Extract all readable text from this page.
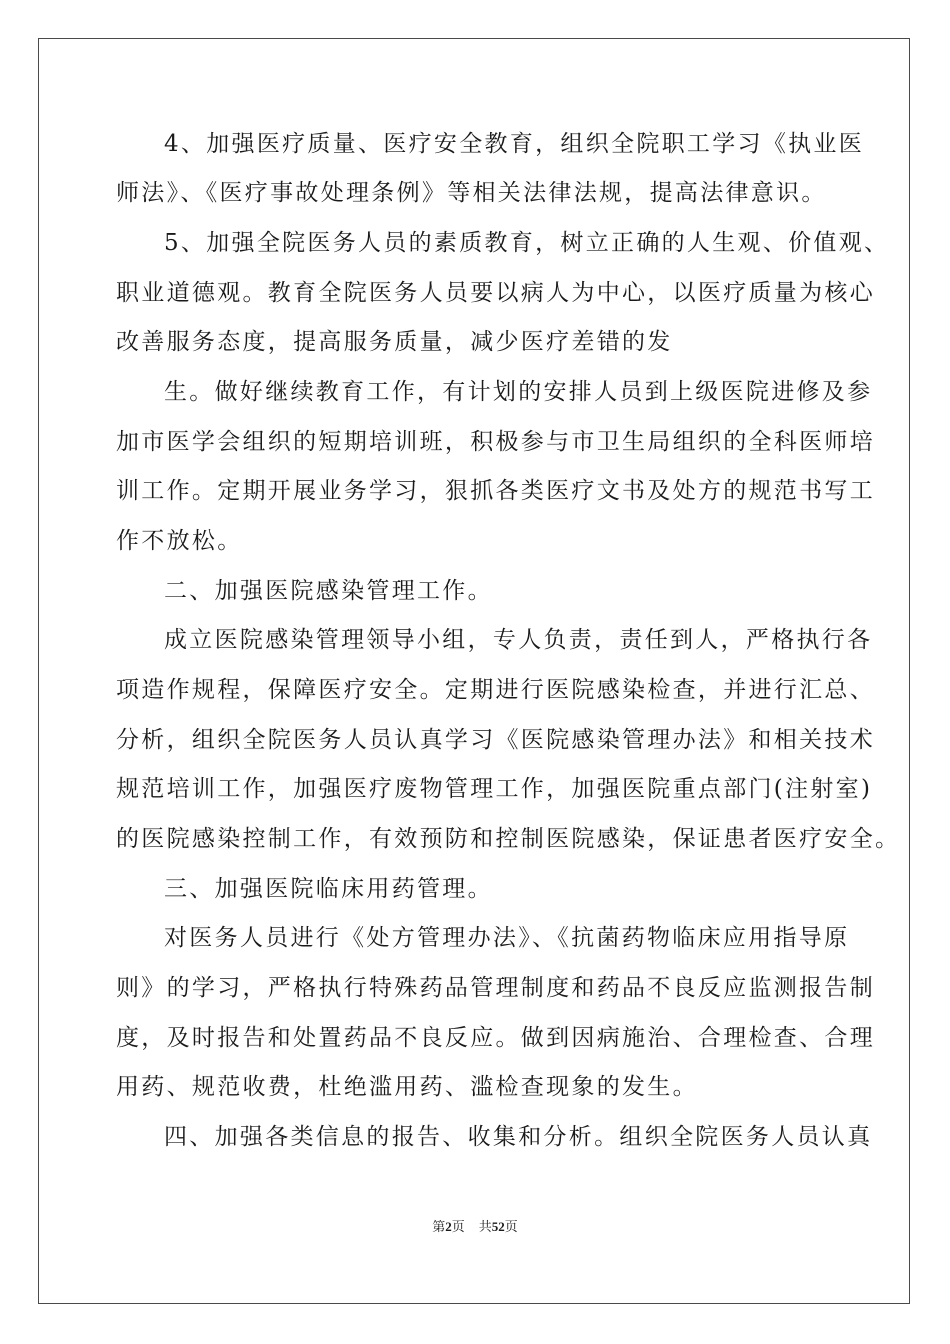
4、加强医疗质量、医疗安全教育，组织全院职工学习《执业医
师法》、《医疗事故处理条例》等相关法律法规，提高法律意识。
5、加强全院医务人员的素质教育，树立正确的人生观、价值观、
职业道德观。教育全院医务人员要以病人为中心，以医疗质量为核心
改善服务态度，提高服务质量，减少医疗差错的发
生。做好继续教育工作，有计划的安排人员到上级医院进修及参
加市医学会组织的短期培训班，积极参与市卫生局组织的全科医师培
训工作。定期开展业务学习，狠抓各类医疗文书及处方的规范书写工
作不放松。
二、加强医院感染管理工作。
成立医院感染管理领导小组，专人负责，责任到人，严格执行各
项造作规程，保障医疗安全。定期进行医院感染检查，并进行汇总、
分析，组织全院医务人员认真学习《医院感染管理办法》和相关技术
规范培训工作，加强医疗废物管理工作，加强医院重点部门(注射室)
的医院感染控制工作，有效预防和控制医院感染，保证患者医疗安全。
三、加强医院临床用药管理。
对医务人员进行《处方管理办法》、《抗菌药物临床应用指导原
则》的学习，严格执行特殊药品管理制度和药品不良反应监测报告制
度，及时报告和处置药品不良反应。做到因病施治、合理检查、合理
用药、规范收费，杜绝滥用药、滥检查现象的发生。
四、加强各类信息的报告、收集和分析。组织全院医务人员认真
第2页 共52页
